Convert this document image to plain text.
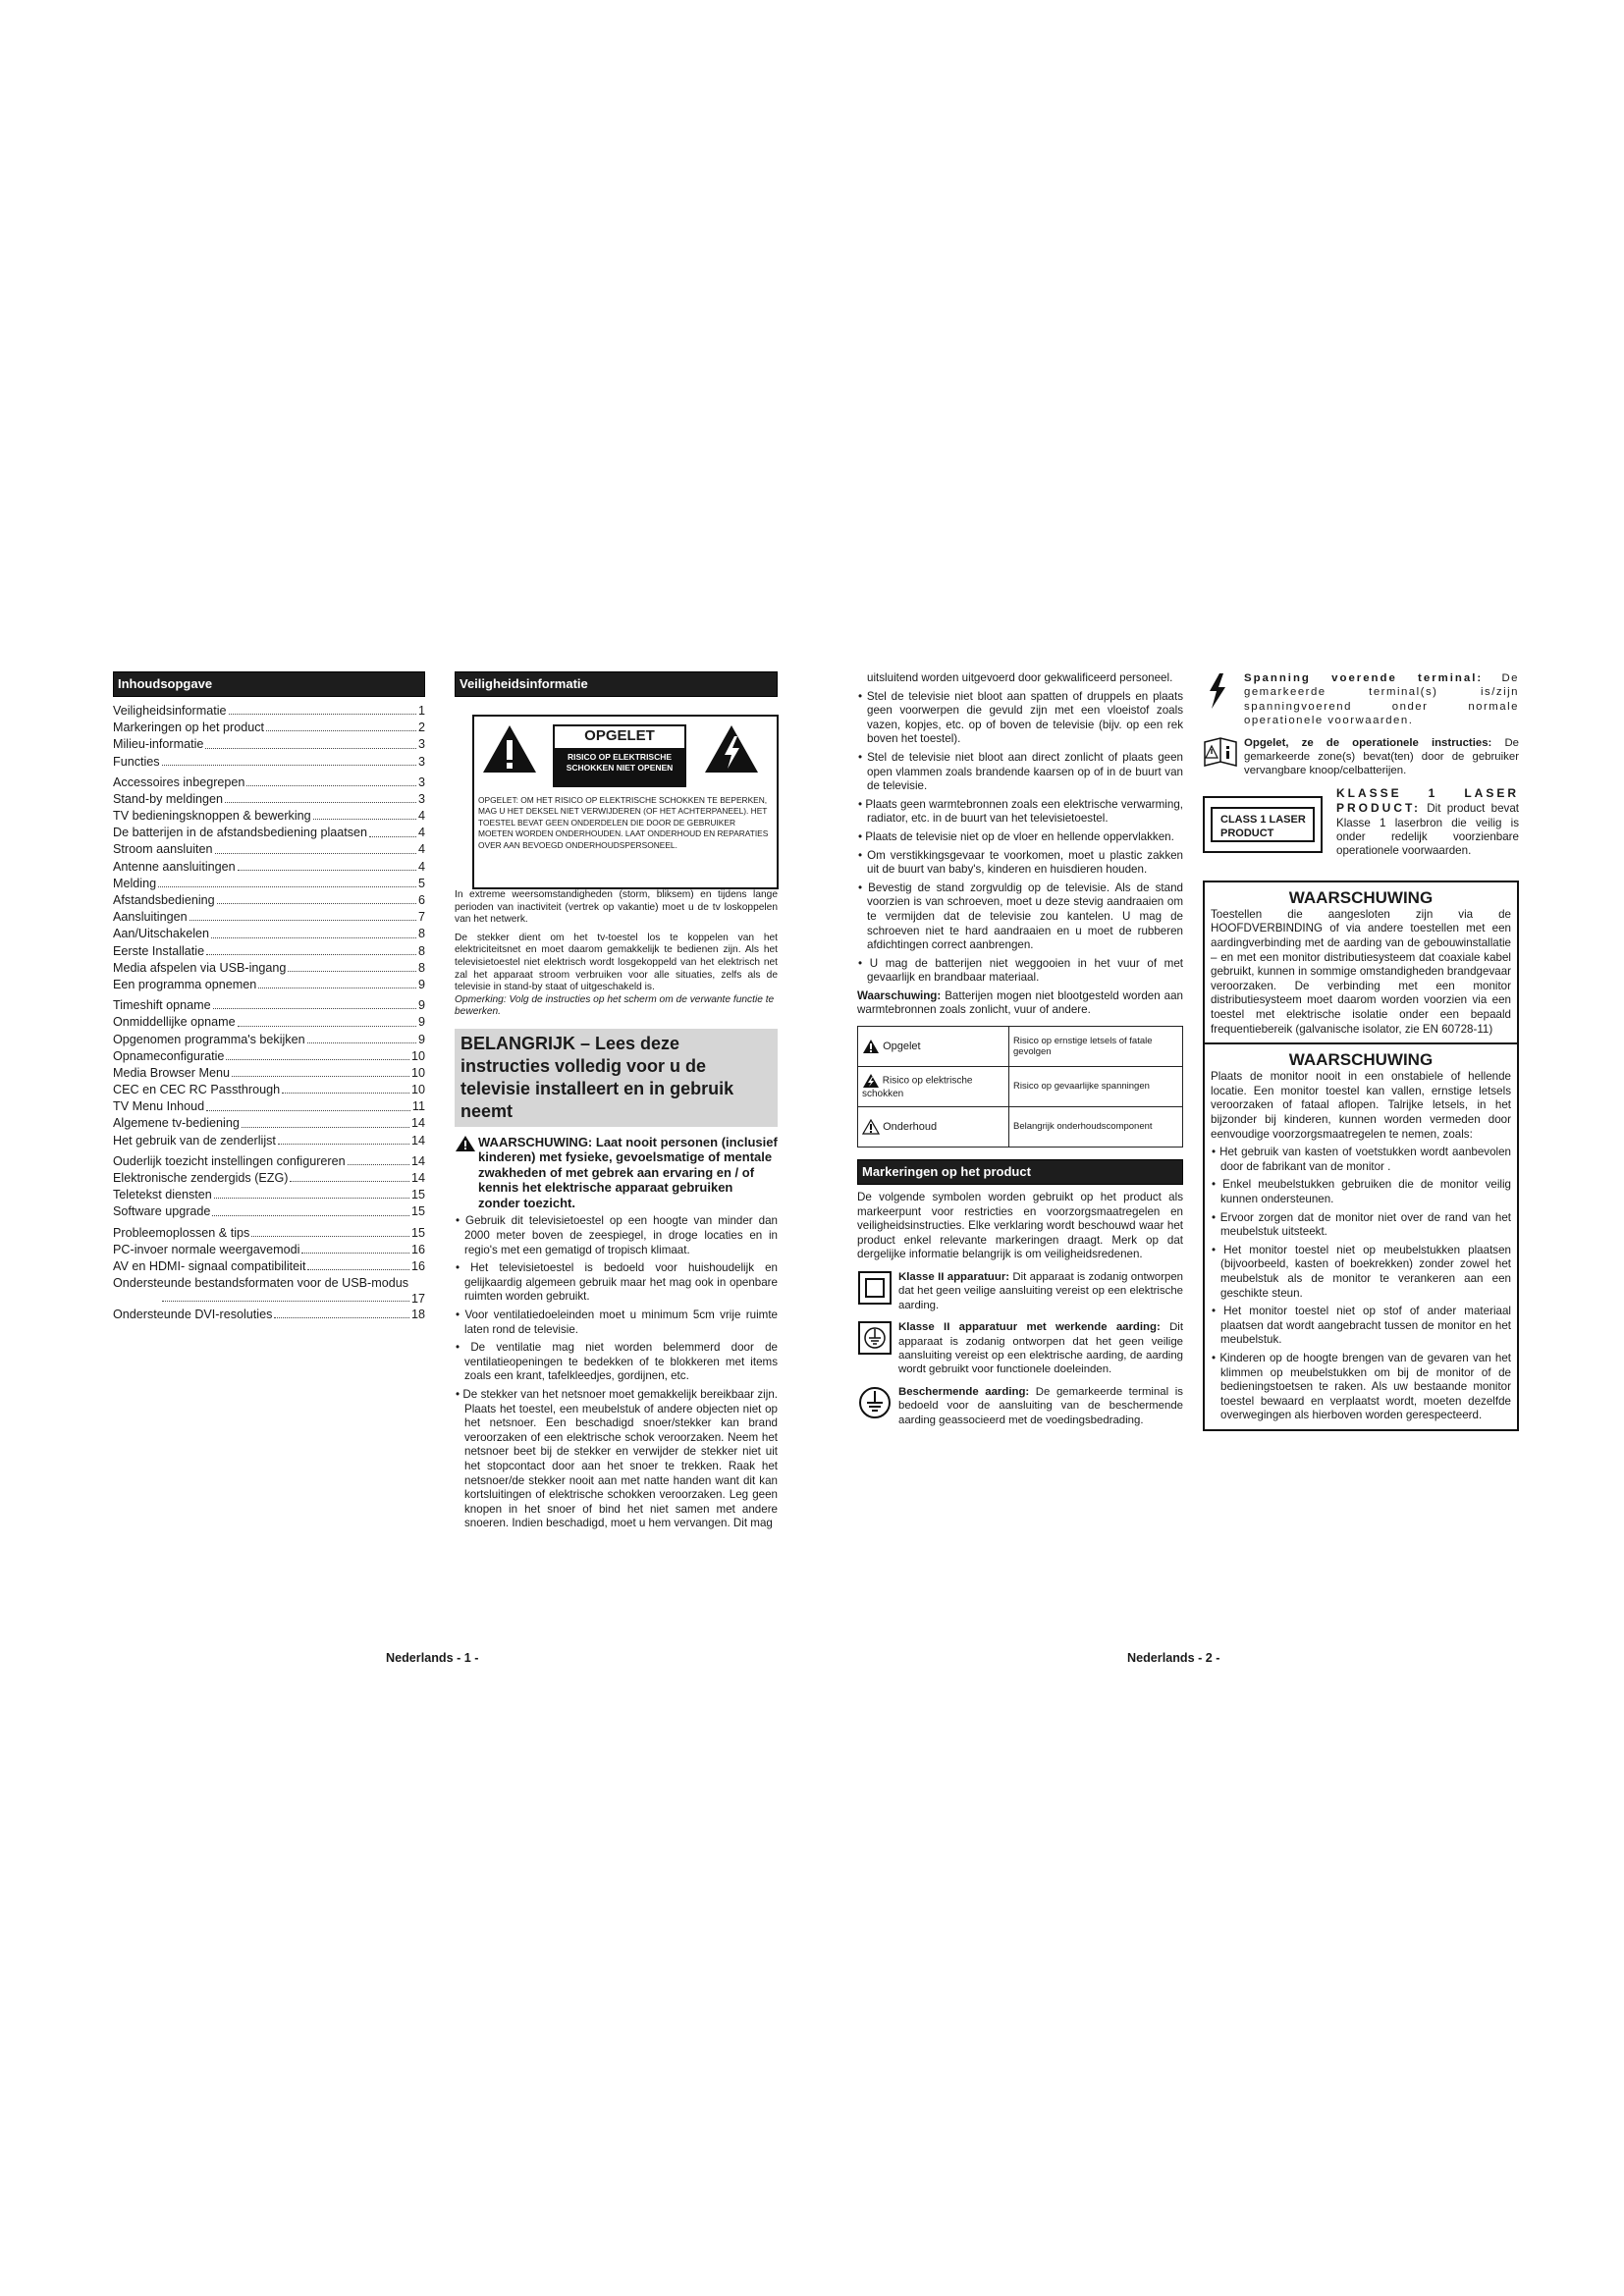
Inhoudsopgave
Veiligheidsinformatie	1
Markeringen op het product	2
Milieu-informatie	3
Functies	3
Accessoires inbegrepen	3
Stand-by meldingen	3
TV bedieningsknoppen & bewerking	4
De batterijen in de afstandsbediening plaatsen	4
Stroom aansluiten	4
Antenne aansluitingen	4
Melding	5
Afstandsbediening	6
Aansluitingen	7
Aan/Uitschakelen	8
Eerste Installatie	8
Media afspelen via USB-ingang	8
Een programma opnemen	9
Timeshift opname	9
Onmiddellijke opname	9
Opgenomen programma's bekijken	9
Opnameconfiguratie	10
Media Browser Menu	10
CEC en CEC RC Passthrough	10
TV Menu Inhoud	11
Algemene tv-bediening	14
Het gebruik van de zenderlijst	14
Ouderlijk toezicht instellingen configureren	14
Elektronische zendergids (EZG)	14
Teletekst diensten	15
Software upgrade	15
Probleemoplossen & tips	15
PC-invoer normale weergavemodi	16
AV en HDMI- signaal compatibiliteit	16
Ondersteunde bestandsformaten voor de USB-modus
17
Ondersteunde DVI-resoluties	18
Veiligheidsinformatie
OPGELET
RISICO OP ELEKTRISCHE SCHOKKEN NIET OPENEN
OPGELET: OM HET RISICO OP ELEKTRISCHE SCHOKKEN TE BEPERKEN, MAG U HET DEKSEL NIET VERWIJDEREN (OF HET ACHTERPANEEL). HET TOESTEL BEVAT GEEN ONDERDELEN DIE DOOR DE GEBRUIKER MOETEN WORDEN ONDERHOUDEN. LAAT ONDERHOUD EN REPARATIES OVER AAN BEVOEGD ONDERHOUDSPERSONEEL.

In extreme weersomstandigheden (storm, bliksem) en tijdens lange perioden van inactiviteit (vertrek op vakantie) moet u de tv loskoppelen van het netwerk.

De stekker dient om het tv-toestel los te koppelen van het elektriciteitsnet en moet daarom gemakkelijk te bedienen zijn. Als het televisietoestel niet elektrisch wordt losgekoppeld van het elektrisch net zal het apparaat stroom verbruiken voor alle situaties, zelfs als de televisie in stand-by staat of uitgeschakeld is.

Opmerking: Volg de instructies op het scherm om de verwante functie te bewerken.

BELANGRIJK – Lees deze instructies volledig voor u de televisie installeert en in gebruik neemt
WAARSCHUWING: Laat nooit personen (inclusief kinderen) met fysieke, gevoelsmatige of mentale zwakheden of met gebrek aan ervaring en / of kennis het elektrische apparaat gebruiken zonder toezicht.

• Gebruik dit televisietoestel op een hoogte van minder dan 2000 meter boven de zeespiegel, in droge locaties en in regio's met een gematigd of tropisch klimaat.

• Het televisietoestel is bedoeld voor huishoudelijk en gelijkaardig algemeen gebruik maar het mag ook in openbare ruimten worden gebruikt.

• Voor ventilatiedoeleinden moet u minimum 5cm vrije ruimte laten rond de televisie.

• De ventilatie mag niet worden belemmerd door de ventilatieopeningen te bedekken of te blokkeren met items zoals een krant, tafelkleedjes, gordijnen, etc.

• De stekker van het netsnoer moet gemakkelijk bereikbaar zijn. Plaats het toestel, een meubelstuk of andere objecten niet op het netsnoer. Een beschadigd snoer/stekker kan brand veroorzaken of een elektrische schok veroorzaken. Neem het netsnoer beet bij de stekker en verwijder de stekker niet uit het stopcontact door aan het snoer te trekken. Raak het netsnoer/de stekker nooit aan met natte handen want dit kan kortsluitingen of elektrische schokken veroorzaken. Leg geen knopen in het snoer of bind het niet samen met andere snoeren. Indien beschadigd, moet u hem vervangen. Dit mag

Nederlands - 1 -

uitsluitend worden uitgevoerd door gekwalificeerd personeel.

• Stel de televisie niet bloot aan spatten of druppels en plaats geen voorwerpen die gevuld zijn met een vloeistof zoals vazen, kopjes, etc. op of boven de televisie (bijv. op een rek boven het toestel).

• Stel de televisie niet bloot aan direct zonlicht of plaats geen open vlammen zoals brandende kaarsen op of in de buurt van de televisie.

• Plaats geen warmtebronnen zoals een elektrische verwarming, radiator, etc. in de buurt van het televisietoestel.

• Plaats de televisie niet op de vloer en hellende oppervlakken.

• Om verstikkingsgevaar te voorkomen, moet u plastic zakken uit de buurt van baby's, kinderen en huisdieren houden.

• Bevestig de stand zorgvuldig op de televisie. Als de stand voorzien is van schroeven, moet u deze stevig aandraaien om te vermijden dat de televisie zou kantelen. U mag de schroeven niet te hard aandraaien en u moet de rubberen afdichtingen correct aanbrengen.

• U mag de batterijen niet weggooien in het vuur of met gevaarlijk en brandbaar materiaal.

Waarschuwing: Batterijen mogen niet blootgesteld worden aan warmtebronnen zoals zonlicht, vuur of andere.

Opgelet	Risico op ernstige letsels of fatale gevolgen
Risico op elektrische schokken	Risico op gevaarlijke spanningen
Onderhoud	Belangrijk onderhoudscomponent
Markeringen op het product

De volgende symbolen worden gebruikt op het product als markeerpunt voor restricties en voorzorgsmaatregelen en veiligheidsinstructies. Elke verklaring wordt beschouwd waar het product enkel relevante markeringen draagt. Merk op dat dergelijke informatie belangrijk is om veiligheidsredenen.

Klasse II apparatuur: Dit apparaat is zodanig ontworpen dat het geen veilige aansluiting vereist op een elektrische aarding.
Klasse II apparatuur met werkende aarding: Dit apparaat is zodanig ontworpen dat het geen veilige aansluiting vereist op een elektrische aarding, de aarding wordt gebruikt voor functionele doeleinden.
Beschermende aarding: De gemarkeerde terminal is bedoeld voor de aansluiting van de beschermende aarding geassocieerd met de voedingsbedrading.
Spanning voerende terminal: De gemarkeerde terminal(s) is/zijn spanningvoerend onder normale operationele voorwaarden.
Opgelet, ze de operationele instructies: De gemarkeerde zone(s) bevat(ten) door de gebruiker vervangbare knoop/celbatterijen.
CLASS 1 LASER PRODUCT
KLASSE 1 LASER PRODUCT: Dit product bevat Klasse 1 laserbron die veilig is onder redelijk voorzienbare operationele voorwaarden.
WAARSCHUWING

Toestellen die aangesloten zijn via de HOOFDVERBINDING of via andere toestellen met een aardingverbinding met de aarding van de gebouwinstallatie – en met een monitor distributiesysteem dat coaxiale kabel gebruikt, kunnen in sommige omstandigheden brandgevaar veroorzaken. De verbinding met een monitor distributiesysteem moet daarom worden voorzien via een toestel met elektrische isolatie onder een bepaald frequentiebereik (galvanische isolator, zie EN 60728-11)

WAARSCHUWING

Plaats de monitor nooit in een onstabiele of hellende locatie. Een monitor toestel kan vallen, ernstige letsels veroorzaken of fataal aflopen. Talrijke letsels, in het bijzonder bij kinderen, kunnen worden vermeden door eenvoudige voorzorgsmaatregelen te nemen, zoals:

• Het gebruik van kasten of voetstukken wordt aanbevolen door de fabrikant van de monitor .

• Enkel meubelstukken gebruiken die de monitor veilig kunnen ondersteunen.

• Ervoor zorgen dat de monitor niet over de rand van het meubelstuk uitsteekt.

• Het monitor toestel niet op meubelstukken plaatsen (bijvoorbeeld, kasten of boekrekken) zonder zowel het meubelstuk als de monitor te verankeren aan een geschikte steun.

• Het monitor toestel niet op stof of ander materiaal plaatsen dat wordt aangebracht tussen de monitor en het meubelstuk.

• Kinderen op de hoogte brengen van de gevaren van het klimmen op meubelstukken om bij de monitor of de bedieningstoetsen te raken. Als uw bestaande monitor toestel bewaard en verplaatst wordt, moeten dezelfde overwegingen als hierboven worden gerespecteerd.

Nederlands - 2 -
